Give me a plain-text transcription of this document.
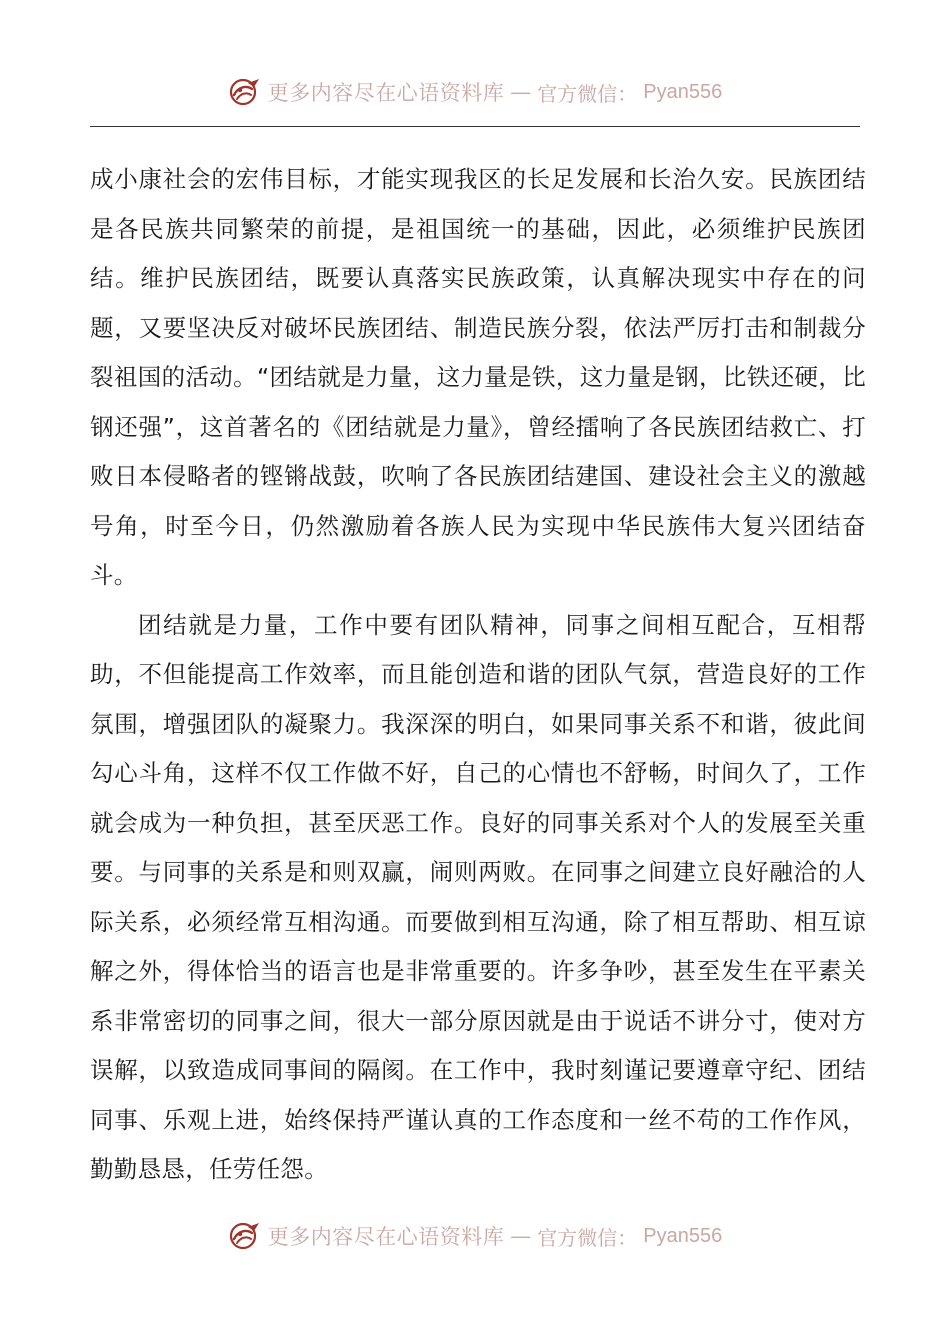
更多内容尽在心语资料库 — 官方微信： Pyan556

成小康社会的宏伟目标，才能实现我区的长足发展和长治久安。民族团结是各民族共同繁荣的前提，是祖国统一的基础，因此，必须维护民族团结。维护民族团结，既要认真落实民族政策，认真解决现实中存在的问题，又要坚决反对破坏民族团结、制造民族分裂，依法严厉打击和制裁分裂祖国的活动。“团结就是力量，这力量是铁，这力量是钢，比铁还硬，比钢还强”，这首著名的《团结就是力量》，曾经擂响了各民族团结救亡、打败日本侵略者的铿锵战鼓，吹响了各民族团结建国、建设社会主义的激越号角，时至今日，仍然激励着各族人民为实现中华民族伟大复兴团结奋斗。

团结就是力量，工作中要有团队精神，同事之间相互配合，互相帮助，不但能提高工作效率，而且能创造和谐的团队气氛，营造良好的工作氛围，增强团队的凝聚力。我深深的明白，如果同事关系不和谐，彼此间勾心斗角，这样不仅工作做不好，自己的心情也不舒畅，时间久了，工作就会成为一种负担，甚至厌恶工作。良好的同事关系对个人的发展至关重要。与同事的关系是和则双赢，闹则两败。在同事之间建立良好融洽的人际关系，必须经常互相沟通。而要做到相互沟通，除了相互帮助、相互谅解之外，得体恰当的语言也是非常重要的。许多争吵，甚至发生在平素关系非常密切的同事之间，很大一部分原因就是由于说话不讲分寸，使对方误解，以致造成同事间的隔阂。在工作中，我时刻谨记要遵章守纪、团结同事、乐观上进，始终保持严谨认真的工作态度和一丝不苟的工作作风，勤勤恳恳，任劳任怨。

更多内容尽在心语资料库 — 官方微信： Pyan556
